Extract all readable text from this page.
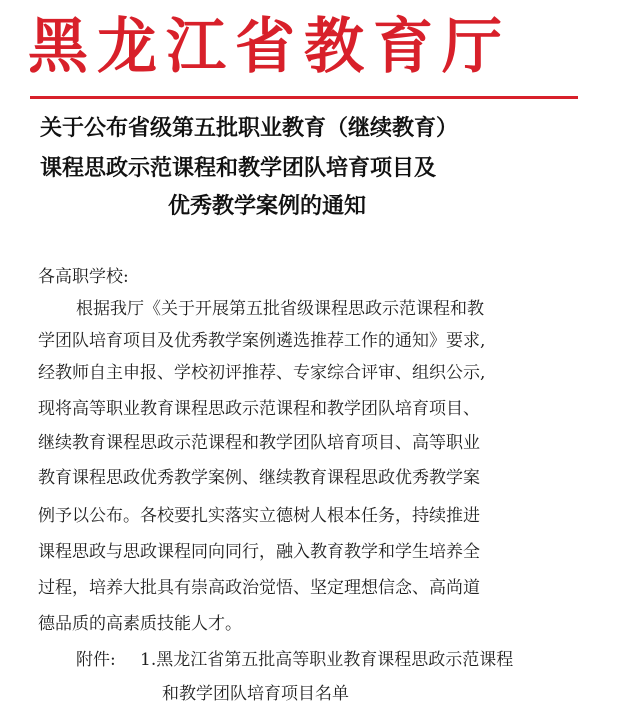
黑龙江省教育厅
关于公布省级第五批职业教育（继续教育）
课程思政示范课程和教学团队培育项目及
优秀教学案例的通知
各高职学校:
根据我厅《关于开展第五批省级课程思政示范课程和教
学团队培育项目及优秀教学案例遴选推荐工作的通知》要求,
经教师自主申报、学校初评推荐、专家综合评审、组织公示,
现将高等职业教育课程思政示范课程和教学团队培育项目、
继续教育课程思政示范课程和教学团队培育项目、高等职业
教育课程思政优秀教学案例、继续教育课程思政优秀教学案
例予以公布。各校要扎实落实立德树人根本任务，持续推进
课程思政与思政课程同向同行，融入教育教学和学生培养全
过程，培养大批具有崇高政治觉悟、坚定理想信念、高尚道
德品质的高素质技能人才。
附件:	1.黑龙江省第五批高等职业教育课程思政示范课程
和教学团队培育项目名单
